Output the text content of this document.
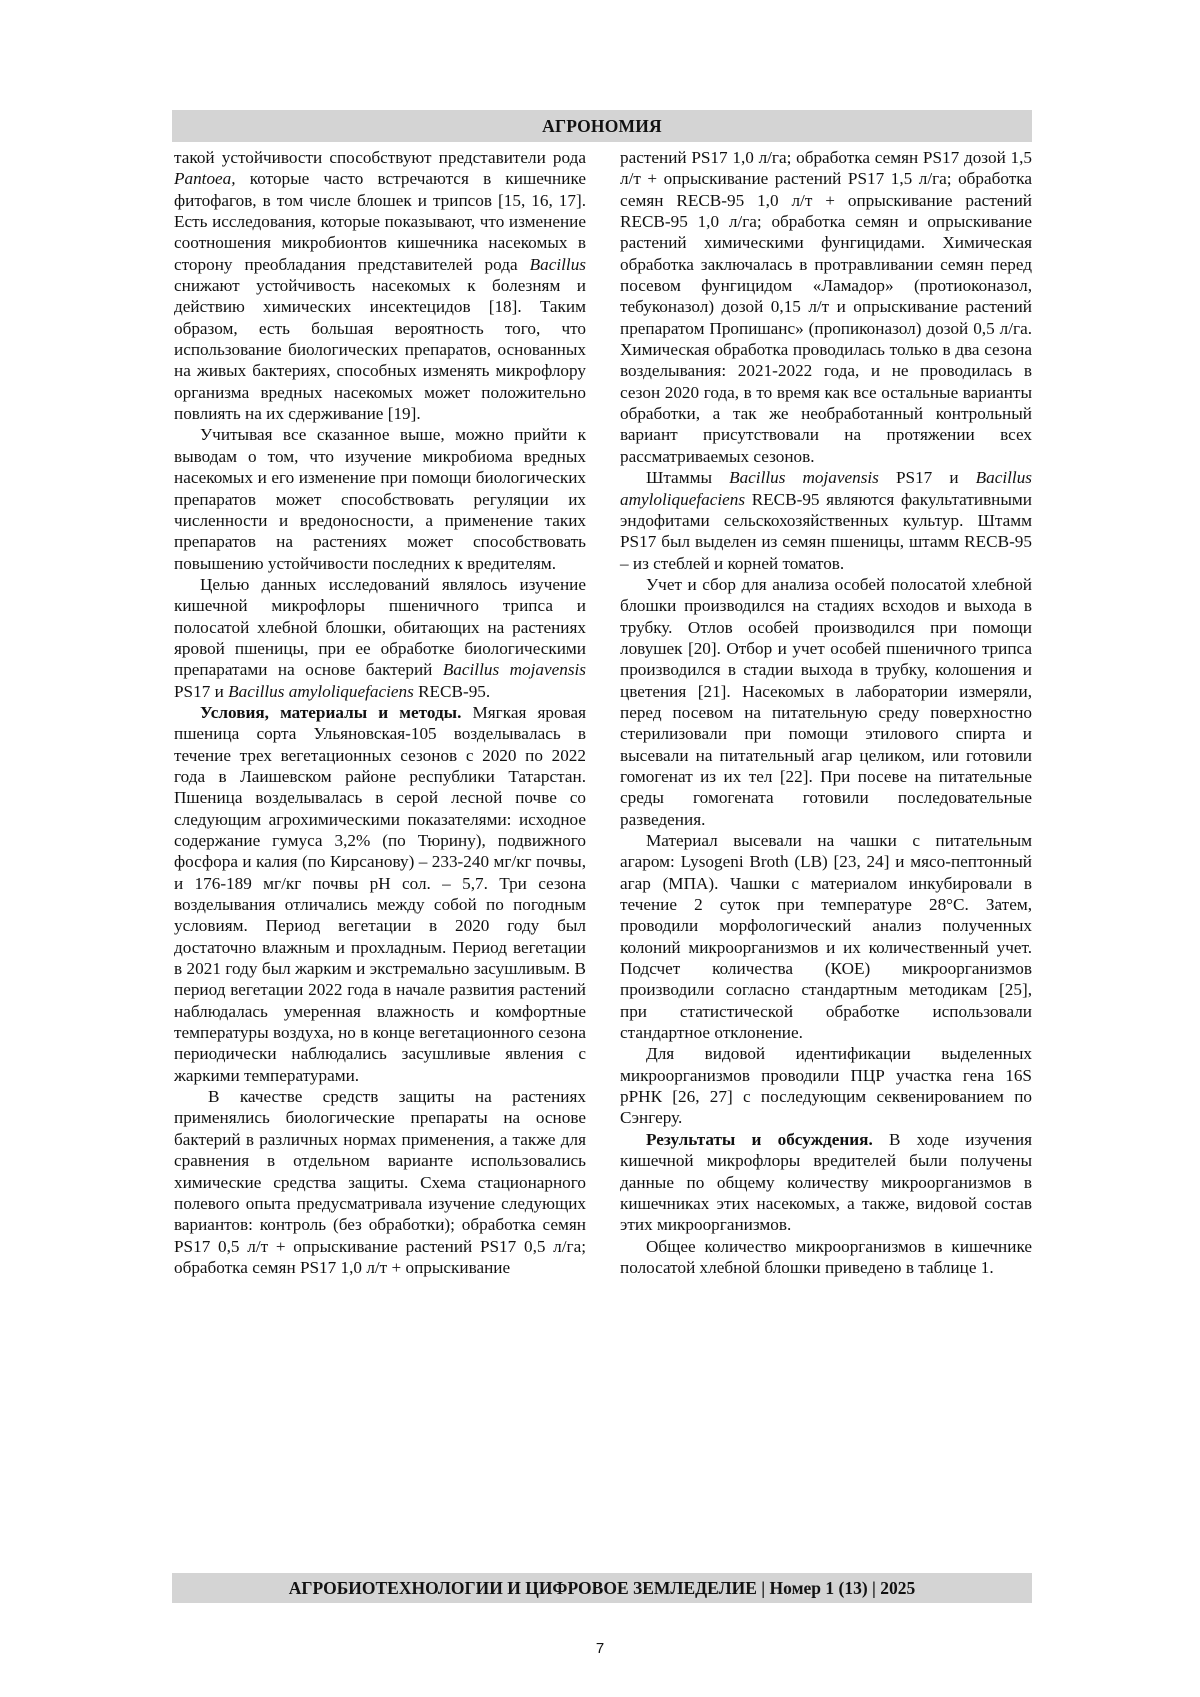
АГРОНОМИЯ

такой устойчивости способствуют представители рода Pantoea, которые часто встречаются в кишечнике фитофагов, в том числе блошек и трипсов [15, 16, 17]. Есть исследования, которые показывают, что изменение соотношения микробионтов кишечника насекомых в сторону преобладания представителей рода Bacillus снижают устойчивость насекомых к болезням и действию химических инсектецидов [18]. Таким образом, есть большая вероятность того, что использование биологических препаратов, основанных на живых бактериях, способных изменять микрофлору организма вредных насекомых может положительно повлиять на их сдерживание [19].

Учитывая все сказанное выше, можно прийти к выводам о том, что изучение микробиома вредных насекомых и его изменение при помощи биологических препаратов может способствовать регуляции их численности и вредоносности, а применение таких препаратов на растениях может способствовать повышению устойчивости последних к вредителям.

Целью данных исследований являлось изучение кишечной микрофлоры пшеничного трипса и полосатой хлебной блошки, обитающих на растениях яровой пшеницы, при ее обработке биологическими препаратами на основе бактерий Bacillus mojavensis PS17 и Bacillus amyloliquefaciens RECB-95.

Условия, материалы и методы. Мягкая яровая пшеница сорта Ульяновская-105 возделывалась в течение трех вегетационных сезонов с 2020 по 2022 года в Лаишевском районе республики Татарстан. Пшеница возделывалась в серой лесной почве со следующим агрохимическими показателями: исходное содержание гумуса 3,2% (по Тюрину), подвижного фосфора и калия (по Кирсанову) – 233-240 мг/кг почвы, и 176-189 мг/кг почвы pH сол. – 5,7. Три сезона возделывания отличались между собой по погодным условиям. Период вегетации в 2020 году был достаточно влажным и прохладным. Период вегетации в 2021 году был жарким и экстремально засушливым. В период вегетации 2022 года в начале развития растений наблюдалась умеренная влажность и комфортные температуры воздуха, но в конце вегетационного сезона периодически наблюдались засушливые явления с жаркими температурами.

В качестве средств защиты на растениях применялись биологические препараты на основе бактерий в различных нормах применения, а также для сравнения в отдельном варианте использовались химические средства защиты. Схема стационарного полевого опыта предусматривала изучение следующих вариантов: контроль (без обработки); обработка семян PS17 0,5 л/т + опрыскивание растений PS17 0,5 л/га; обработка семян PS17 1,0 л/т + опрыскивание

растений PS17 1,0 л/га; обработка семян PS17 дозой 1,5 л/т + опрыскивание растений PS17 1,5 л/га; обработка семян RECB-95 1,0 л/т + опрыскивание растений RECB-95 1,0 л/га; обработка семян и опрыскивание растений химическими фунгицидами. Химическая обработка заключалась в протравливании семян перед посевом фунгицидом «Ламадор» (протиоконазол, тебуконазол) дозой 0,15 л/т и опрыскивание растений препаратом Пропишанс» (пропиконазол) дозой 0,5 л/га. Химическая обработка проводилась только в два сезона возделывания: 2021-2022 года, и не проводилась в сезон 2020 года, в то время как все остальные варианты обработки, а так же необработанный контрольный вариант присутствовали на протяжении всех рассматриваемых сезонов.

Штаммы Bacillus mojavensis PS17 и Bacillus amyloliquefaciens RECB-95 являются факультативными эндофитами сельскохозяйственных культур. Штамм PS17 был выделен из семян пшеницы, штамм RECB-95 – из стеблей и корней томатов.

Учет и сбор для анализа особей полосатой хлебной блошки производился на стадиях всходов и выхода в трубку. Отлов особей производился при помощи ловушек [20]. Отбор и учет особей пшеничного трипса производился в стадии выхода в трубку, колошения и цветения [21]. Насекомых в лаборатории измеряли, перед посевом на питательную среду поверхностно стерилизовали при помощи этилового спирта и высевали на питательный агар целиком, или готовили гомогенат из их тел [22]. При посеве на питательные среды гомогената готовили последовательные разведения.

Материал высевали на чашки с питательным агаром: Lysogeni Broth (LB) [23, 24] и мясо-пептонный агар (МПА). Чашки с материалом инкубировали в течение 2 суток при температуре 28°С. Затем, проводили морфологический анализ полученных колоний микроорганизмов и их количественный учет. Подсчет количества (КОЕ) микроорганизмов производили согласно стандартным методикам [25], при статистической обработке использовали стандартное отклонение.

Для видовой идентификации выделенных микроорганизмов проводили ПЦР участка гена 16S рРНК [26, 27] с последующим секвенированием по Сэнгеру.

Результаты и обсуждения. В ходе изучения кишечной микрофлоры вредителей были получены данные по общему количеству микроорганизмов в кишечниках этих насекомых, а также, видовой состав этих микроорганизмов.

Общее количество микроорганизмов в кишечнике полосатой хлебной блошки приведено в таблице 1.

АГРОБИОТЕХНОЛОГИИ И ЦИФРОВОЕ ЗЕМЛЕДЕЛИЕ | Номер 1 (13) | 2025
7
